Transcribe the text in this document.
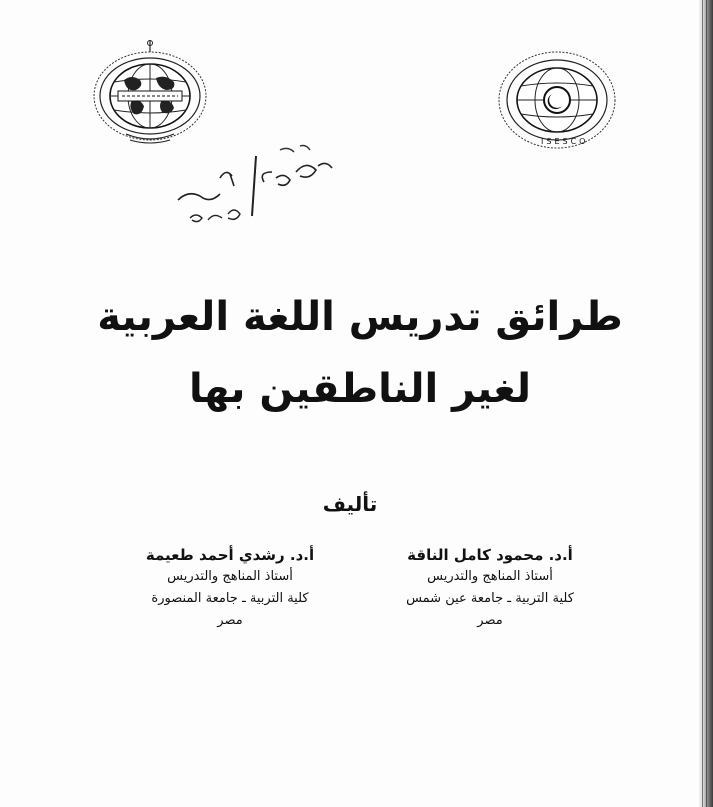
ISESCO
طرائق تدريس اللغة العربية
لغير الناطقين بها
تأليف
أ.د. محمود كامل الناقة
أستاذ المناهج والتدريس
كلية التربية ـ جامعة عين شمس
مصر
أ.د. رشدي أحمد طعيمة
أستاذ المناهج والتدريس
كلية التربية ـ جامعة المنصورة
مصر
